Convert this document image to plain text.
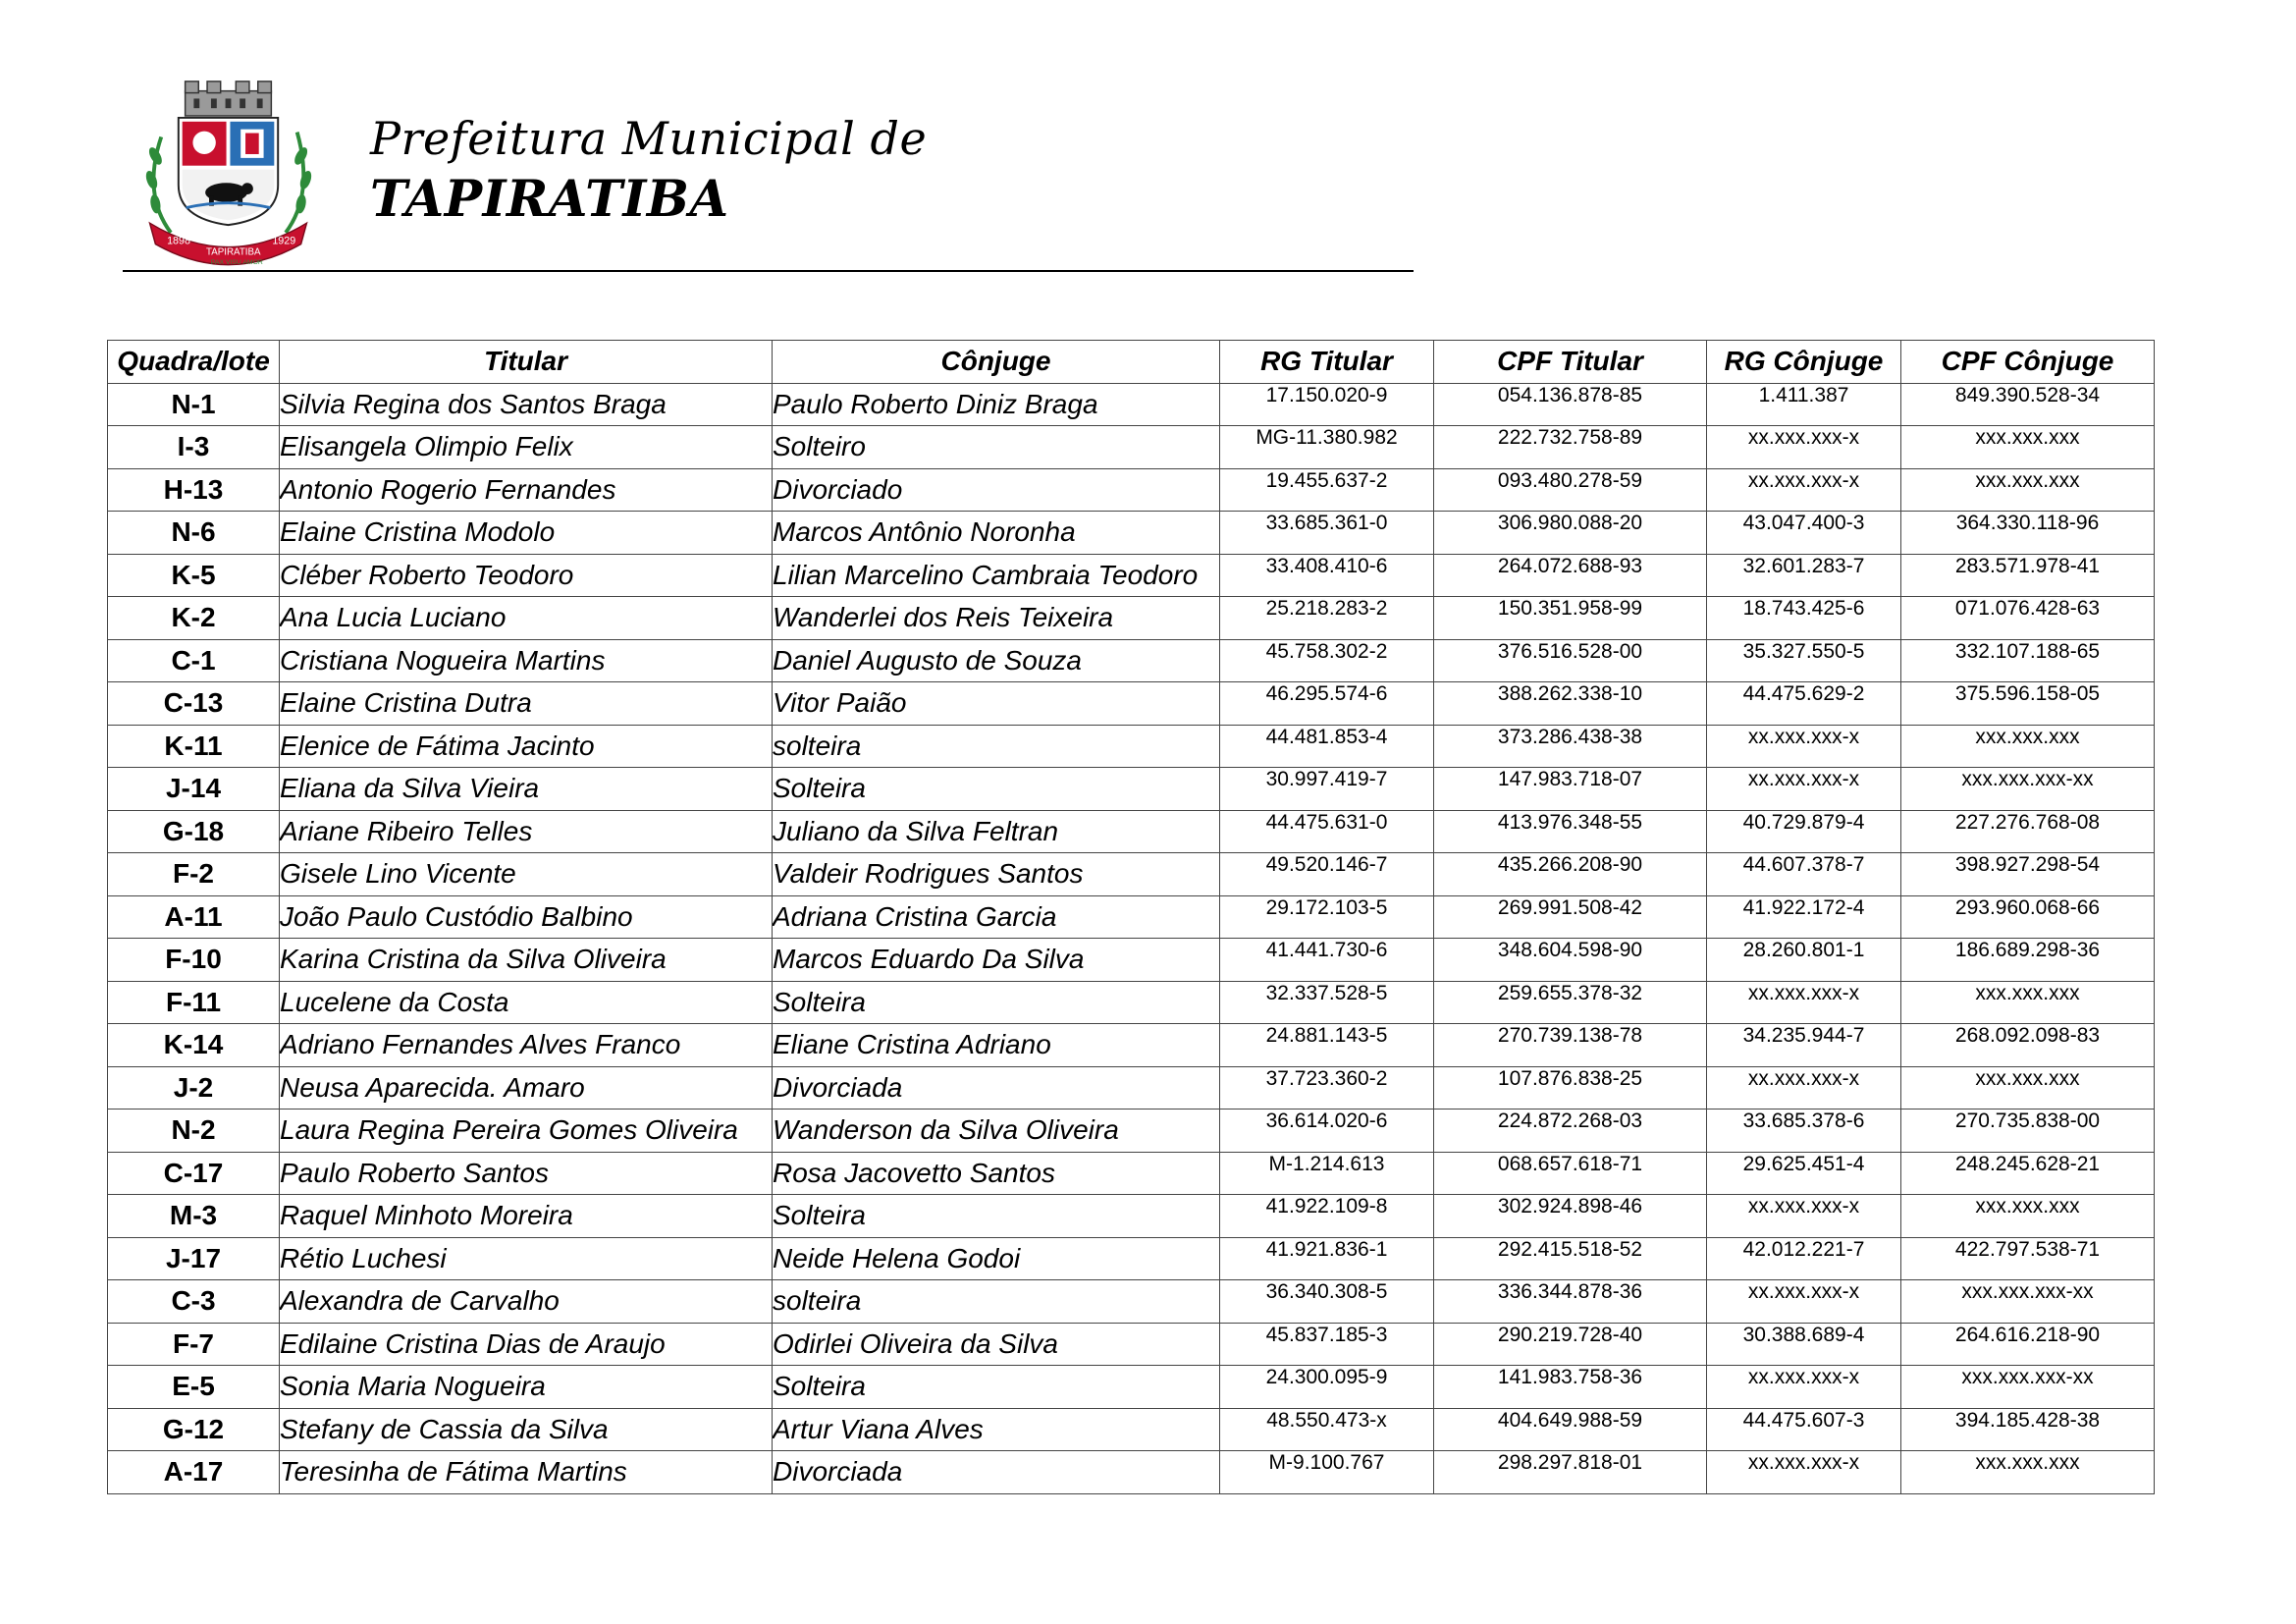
1898
TAPIRATIBA
1929
PAX VISU AMOR
Prefeitura Municipal de
TAPIRATIBA
Quadra/lote	Titular	Cônjuge	RG Titular	CPF Titular	RG Cônjuge	CPF Cônjuge
N-1	Silvia Regina dos Santos Braga	Paulo Roberto Diniz Braga	17.150.020-9	054.136.878-85	1.411.387	849.390.528-34
I-3	Elisangela Olimpio Felix	Solteiro	MG-11.380.982	222.732.758-89	xx.xxx.xxx-x	xxx.xxx.xxx
H-13	Antonio Rogerio Fernandes	Divorciado	19.455.637-2	093.480.278-59	xx.xxx.xxx-x	xxx.xxx.xxx
N-6	Elaine Cristina Modolo	Marcos Antônio Noronha	33.685.361-0	306.980.088-20	43.047.400-3	364.330.118-96
K-5	Cléber Roberto Teodoro	Lilian Marcelino Cambraia Teodoro	33.408.410-6	264.072.688-93	32.601.283-7	283.571.978-41
K-2	Ana Lucia Luciano	Wanderlei dos Reis Teixeira	25.218.283-2	150.351.958-99	18.743.425-6	071.076.428-63
C-1	Cristiana Nogueira Martins	Daniel Augusto de Souza	45.758.302-2	376.516.528-00	35.327.550-5	332.107.188-65
C-13	Elaine Cristina Dutra	Vitor Paião	46.295.574-6	388.262.338-10	44.475.629-2	375.596.158-05
K-11	Elenice de Fátima Jacinto	solteira	44.481.853-4	373.286.438-38	xx.xxx.xxx-x	xxx.xxx.xxx
J-14	Eliana da Silva Vieira	Solteira	30.997.419-7	147.983.718-07	xx.xxx.xxx-x	xxx.xxx.xxx-xx
G-18	Ariane Ribeiro Telles	Juliano da Silva Feltran	44.475.631-0	413.976.348-55	40.729.879-4	227.276.768-08
F-2	Gisele Lino Vicente	Valdeir Rodrigues Santos	49.520.146-7	435.266.208-90	44.607.378-7	398.927.298-54
A-11	João Paulo Custódio Balbino	Adriana Cristina Garcia	29.172.103-5	269.991.508-42	41.922.172-4	293.960.068-66
F-10	Karina Cristina da Silva Oliveira	Marcos Eduardo Da Silva	41.441.730-6	348.604.598-90	28.260.801-1	186.689.298-36
F-11	Lucelene da Costa	Solteira	32.337.528-5	259.655.378-32	xx.xxx.xxx-x	xxx.xxx.xxx
K-14	Adriano Fernandes Alves Franco	Eliane Cristina Adriano	24.881.143-5	270.739.138-78	34.235.944-7	268.092.098-83
J-2	Neusa Aparecida. Amaro	Divorciada	37.723.360-2	107.876.838-25	xx.xxx.xxx-x	xxx.xxx.xxx
N-2	Laura Regina Pereira Gomes Oliveira	Wanderson da Silva Oliveira	36.614.020-6	224.872.268-03	33.685.378-6	270.735.838-00
C-17	Paulo Roberto Santos	Rosa Jacovetto Santos	M-1.214.613	068.657.618-71	29.625.451-4	248.245.628-21
M-3	Raquel Minhoto Moreira	Solteira	41.922.109-8	302.924.898-46	xx.xxx.xxx-x	xxx.xxx.xxx
J-17	Rétio Luchesi	Neide Helena Godoi	41.921.836-1	292.415.518-52	42.012.221-7	422.797.538-71
C-3	Alexandra de Carvalho	solteira	36.340.308-5	336.344.878-36	xx.xxx.xxx-x	xxx.xxx.xxx-xx
F-7	Edilaine Cristina Dias de Araujo	Odirlei Oliveira da Silva	45.837.185-3	290.219.728-40	30.388.689-4	264.616.218-90
E-5	Sonia Maria Nogueira	Solteira	24.300.095-9	141.983.758-36	xx.xxx.xxx-x	xxx.xxx.xxx-xx
G-12	Stefany de Cassia da Silva	Artur Viana Alves	48.550.473-x	404.649.988-59	44.475.607-3	394.185.428-38
A-17	Teresinha de Fátima Martins	Divorciada	M-9.100.767	298.297.818-01	xx.xxx.xxx-x	xxx.xxx.xxx
